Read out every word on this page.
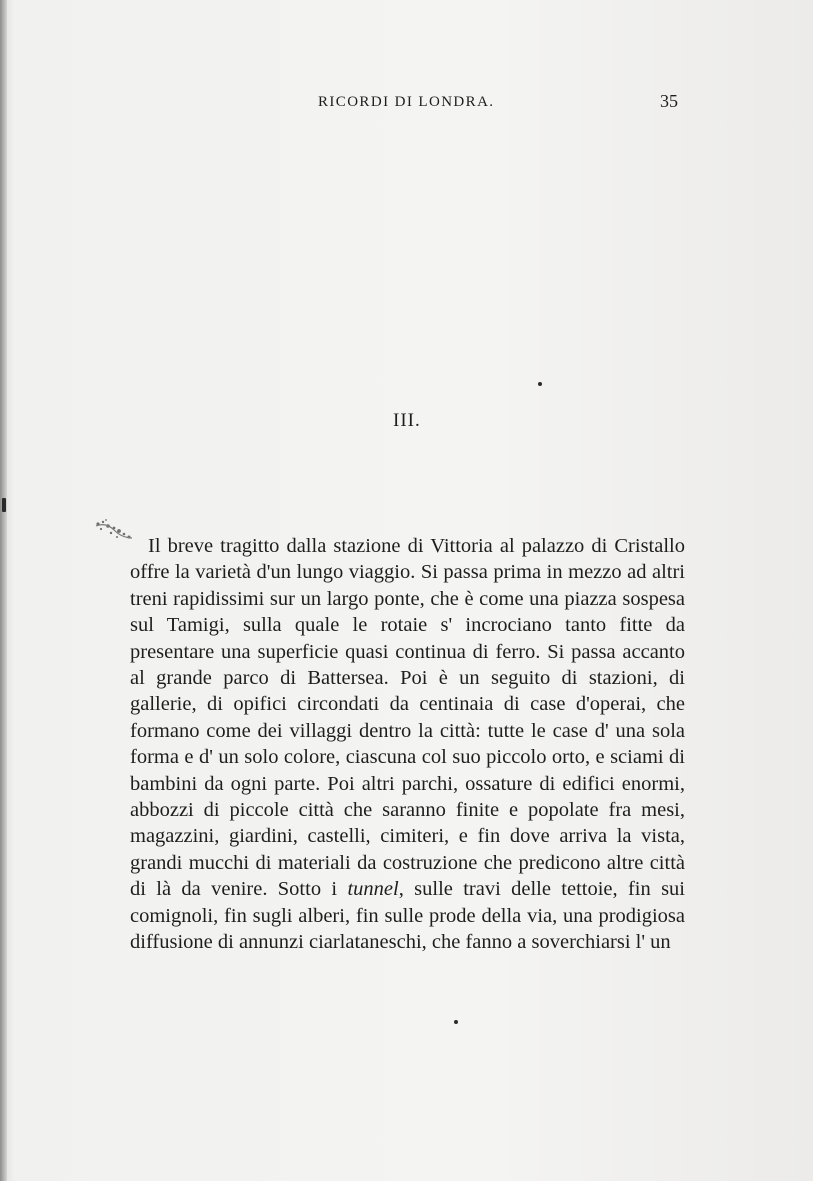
RICORDI DI LONDRA.	35
III.

Il breve tragitto dalla stazione di Vittoria al palazzo di Cristallo offre la varietà d'un lungo viaggio. Si passa prima in mezzo ad altri treni rapidissimi sur un largo ponte, che è come una piazza sospesa sul Tamigi, sulla quale le rotaie s' incrociano tanto fitte da presentare una superficie quasi continua di ferro. Si passa accanto al grande parco di Battersea. Poi è un seguito di stazioni, di gallerie, di opifici circondati da centinaia di case d'operai, che formano come dei villaggi dentro la città: tutte le case d' una sola forma e d' un solo colore, ciascuna col suo piccolo orto, e sciami di bambini da ogni parte. Poi altri parchi, ossature di edifici enormi, abbozzi di piccole città che saranno finite e popolate fra mesi, magazzini, giardini, castelli, cimiteri, e fin dove arriva la vista, grandi mucchi di materiali da costruzione che predicono altre città di là da venire. Sotto i tunnel, sulle travi delle tettoie, fin sui comignoli, fin sugli alberi, fin sulle prode della via, una prodigiosa diffusione di annunzi ciarlataneschi, che fanno a soverchiarsi l' un
